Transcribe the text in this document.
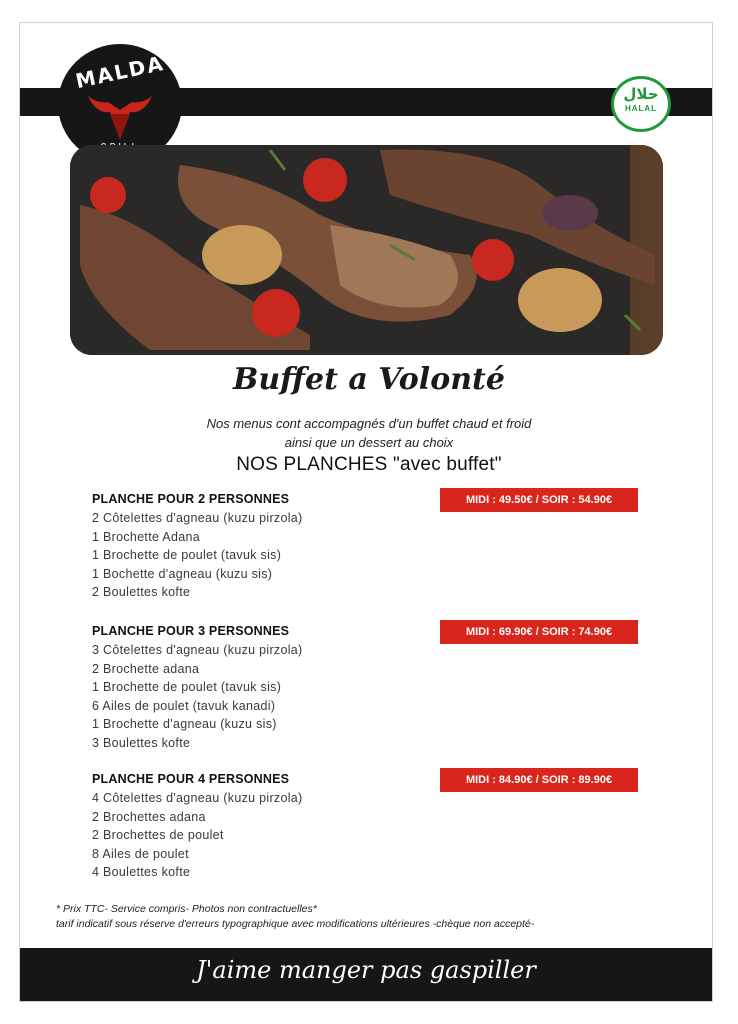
MALDA
حلال
HALAL
Buffet a Volonté
Nos menus cont accompagnés d'un buffet chaud et froid
ainsi que un dessert au choix
NOS PLANCHES "avec buffet"
PLANCHE POUR 2 PERSONNES
2 Côtelettes d'agneau (kuzu pirzola)
1 Brochette Adana
1 Brochette de poulet (tavuk sis)
1 Bochette d'agneau (kuzu sis)
2 Boulettes kofte
MIDI : 49.50€ / SOIR : 54.90€
PLANCHE POUR 3 PERSONNES
3 Côtelettes d'agneau (kuzu pirzola)
2 Brochette adana
1 Brochette de poulet (tavuk sis)
6 Ailes de poulet (tavuk kanadi)
1 Brochette d'agneau (kuzu sis)
3 Boulettes kofte
MIDI : 69.90€ / SOIR : 74.90€
PLANCHE POUR 4 PERSONNES
4 Côtelettes d'agneau (kuzu pirzola)
2 Brochettes adana
2 Brochettes de poulet
8 Ailes de poulet
4 Boulettes kofte
MIDI : 84.90€ / SOIR : 89.90€
* Prix TTC- Service compris- Photos non contractuelles*
tarif indicatif sous réserve d'erreurs typographique avec modifications ultérieures -chèque non accepté-
J'aime manger pas gaspiller
